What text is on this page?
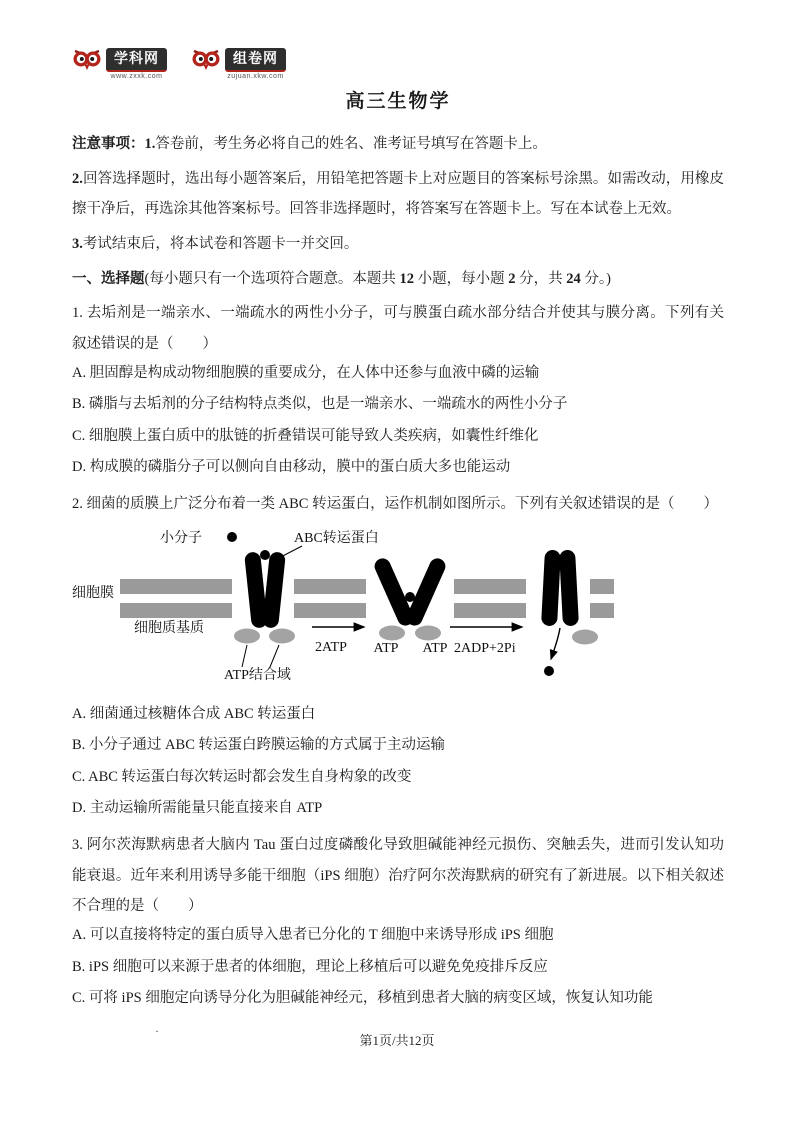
学科网
www.zxxk.com
组卷网
zujuan.xkw.com
高三生物学

注意事项：1.答卷前，考生务必将自己的姓名、准考证号填写在答题卡上。

2.回答选择题时，选出每小题答案后，用铅笔把答题卡上对应题目的答案标号涂黑。如需改动，用橡皮擦干净后，再选涂其他答案标号。回答非选择题时，将答案写在答题卡上。写在本试卷上无效。

3.考试结束后，将本试卷和答题卡一并交回。

一、选择题(每小题只有一个选项符合题意。本题共 12 小题，每小题 2 分，共 24 分。)

1. 去垢剂是一端亲水、一端疏水的两性小分子，可与膜蛋白疏水部分结合并使其与膜分离。下列有关叙述错误的是（　　）

A. 胆固醇是构成动物细胞膜的重要成分，在人体中还参与血液中磷的运输

B. 磷脂与去垢剂的分子结构特点类似，也是一端亲水、一端疏水的两性小分子

C. 细胞膜上蛋白质中的肽链的折叠错误可能导致人类疾病，如囊性纤维化

D. 构成膜的磷脂分子可以侧向自由移动，膜中的蛋白质大多也能运动

2. 细菌的质膜上广泛分布着一类 ABC 转运蛋白，运作机制如图所示。下列有关叙述错误的是（　　）

小分子	ABC转运蛋白
ATP结合域
2ATP ATP ATP 2ADP+2Pi
细胞膜
细胞质基质

A. 细菌通过核糖体合成 ABC 转运蛋白

B. 小分子通过 ABC 转运蛋白跨膜运输的方式属于主动运输

C. ABC 转运蛋白每次转运时都会发生自身构象的改变

D. 主动运输所需能量只能直接来自 ATP

3. 阿尔茨海默病患者大脑内 Tau 蛋白过度磷酸化导致胆碱能神经元损伤、突触丢失，进而引发认知功能衰退。近年来利用诱导多能干细胞（iPS 细胞）治疗阿尔茨海默病的研究有了新进展。以下相关叙述不合理的是（　　）

A. 可以直接将特定的蛋白质导入患者已分化的 T 细胞中来诱导形成 iPS 细胞

B. iPS 细胞可以来源于患者的体细胞，理论上移植后可以避免免疫排斥反应

C. 可将 iPS 细胞定向诱导分化为胆碱能神经元，移植到患者大脑的病变区域，恢复认知功能

·
第1页/共12页
